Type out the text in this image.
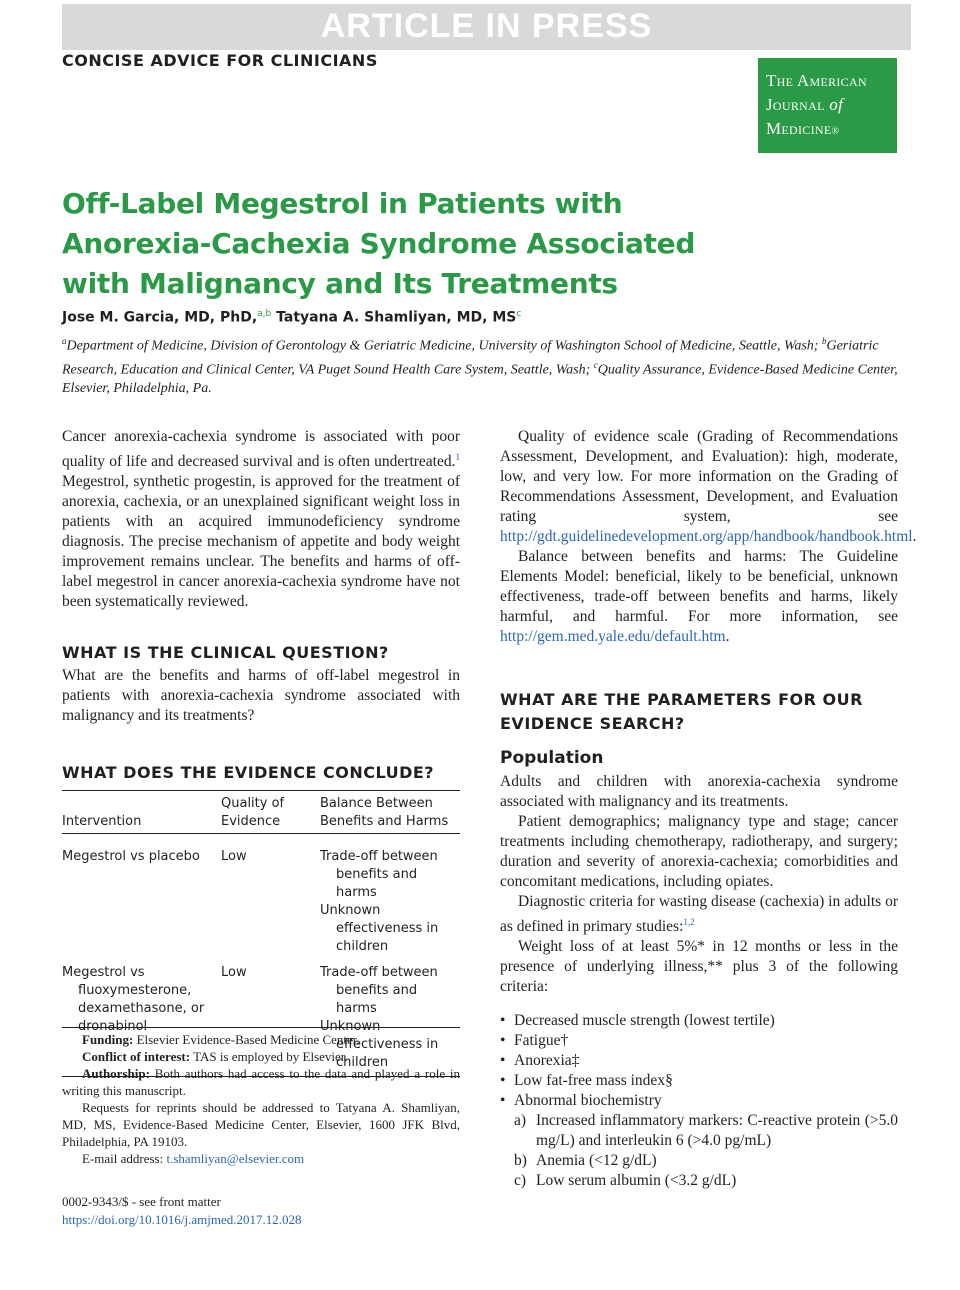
ARTICLE IN PRESS
CONCISE ADVICE FOR CLINICIANS
The American
Journal of
Medicine®
Off-Label Megestrol in Patients with Anorexia-Cachexia Syndrome Associated with Malignancy and Its Treatments
Jose M. Garcia, MD, PhD,$^{a,b}$ Tatyana A. Shamliyan, MD, $MS^c$
$^a$Department of Medicine, Division of Gerontology & Geriatric Medicine, University of Washington School of Medicine, Seattle, Wash; $^b$Geriatric Research, Education and Clinical Center, VA Puget Sound Health Care System, Seattle, Wash; $^c$Quality Assurance, Evidence-Based Medicine Center, Elsevier, Philadelphia, Pa.

Cancer anorexia-cachexia syndrome is associated with poor quality of life and decreased survival and is often undertreated.$^1$ Megestrol, synthetic progestin, is approved for the treatment of anorexia, cachexia, or an unexplained significant weight loss in patients with an acquired immunodeficiency syndrome diagnosis. The precise mechanism of appetite and body weight improvement remains unclear. The benefits and harms of off-label megestrol in cancer anorexia-cachexia syndrome have not been systematically reviewed.

WHAT IS THE CLINICAL QUESTION?

What are the benefits and harms of off-label megestrol in patients with anorexia-cachexia syndrome associated with malignancy and its treatments?

WHAT DOES THE EVIDENCE CONCLUDE?
Intervention	Quality of Evidence	Balance Between Benefits and Harms

Megestrol vs placebo	Low	Trade-off between benefits and harms
Unknown effectiveness in children

Megestrol vs fluoxymesterone, dexamethasone, or dronabinol	Low	Trade-off between benefits and harms
Unknown effectiveness in children

Funding: Elsevier Evidence-Based Medicine Center.

Conflict of interest: TAS is employed by Elsevier.

Authorship: Both authors had access to the data and played a role in writing this manuscript.

Requests for reprints should be addressed to Tatyana A. Shamliyan, MD, MS, Evidence-Based Medicine Center, Elsevier, 1600 JFK Blvd, Philadelphia, PA 19103.

E-mail address: t.shamliyan@elsevier.com

0002-9343/$ - see front matter
https://doi.org/10.1016/j.amjmed.2017.12.028

Quality of evidence scale (Grading of Recommendations Assessment, Development, and Evaluation): high, moderate, low, and very low. For more information on the Grading of Recommendations Assessment, Development, and Evaluation rating system, see http://gdt.guidelinedevelopment.org/app/handbook/handbook.html.

Balance between benefits and harms: The Guideline Elements Model: beneficial, likely to be beneficial, unknown effectiveness, trade-off between benefits and harms, likely harmful, and harmful. For more information, see http://gem.med.yale.edu/default.htm.

WHAT ARE THE PARAMETERS FOR OUR
EVIDENCE SEARCH?
Population

Adults and children with anorexia-cachexia syndrome associated with malignancy and its treatments.

Patient demographics; malignancy type and stage; cancer treatments including chemotherapy, radiotherapy, and surgery; duration and severity of anorexia-cachexia; comorbidities and concomitant medications, including opiates.

Diagnostic criteria for wasting disease (cachexia) in adults or as defined in primary studies:$^{1,2}$

Weight loss of at least 5%* in 12 months or less in the presence of underlying illness,** plus 3 of the following criteria:

• Decreased muscle strength (lowest tertile)
• Fatigue†
• Anorexia‡
• Low fat-free mass index§
• Abnormal biochemistry
a) Increased inflammatory markers: C-reactive protein (>5.0 mg/L) and interleukin 6 (>4.0 pg/mL)
b) Anemia (<12 g/dL)
c) Low serum albumin (<3.2 g/dL)
